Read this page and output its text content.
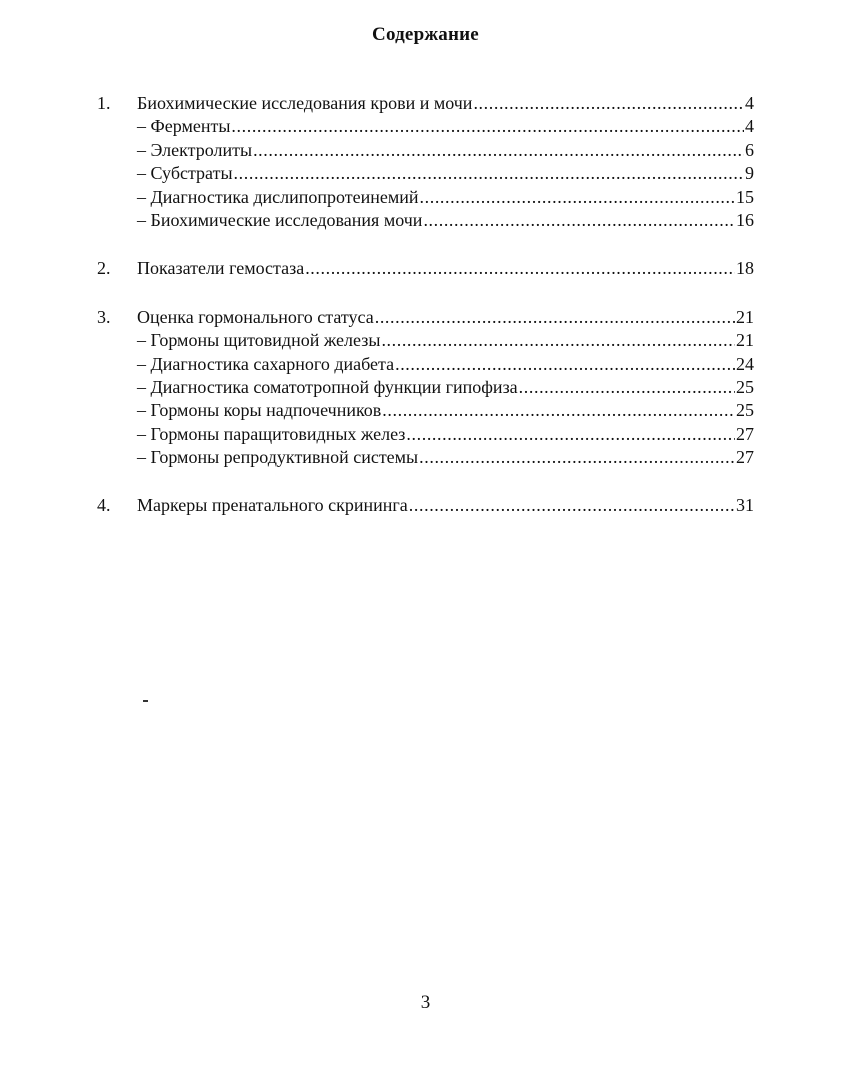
Содержание
1.	Биохимические исследования крови и мочи .....	4
– Ферменты .....	4
– Электролиты .....	6
– Субстраты .....	9
– Диагностика дислипопротеинемий .....	15
– Биохимические исследования мочи .....	16
2.	Показатели гемостаза .....	18
3.	Оценка гормонального статуса .....	21
– Гормоны щитовидной железы .....	21
– Диагностика сахарного диабета .....	24
– Диагностика соматотропной функции гипофиза .....	25
– Гормоны коры надпочечников .....	25
– Гормоны паращитовидных желез .....	27
– Гормоны репродуктивной системы .....	27
4.	Маркеры пренатального скрининга .....	31
3
